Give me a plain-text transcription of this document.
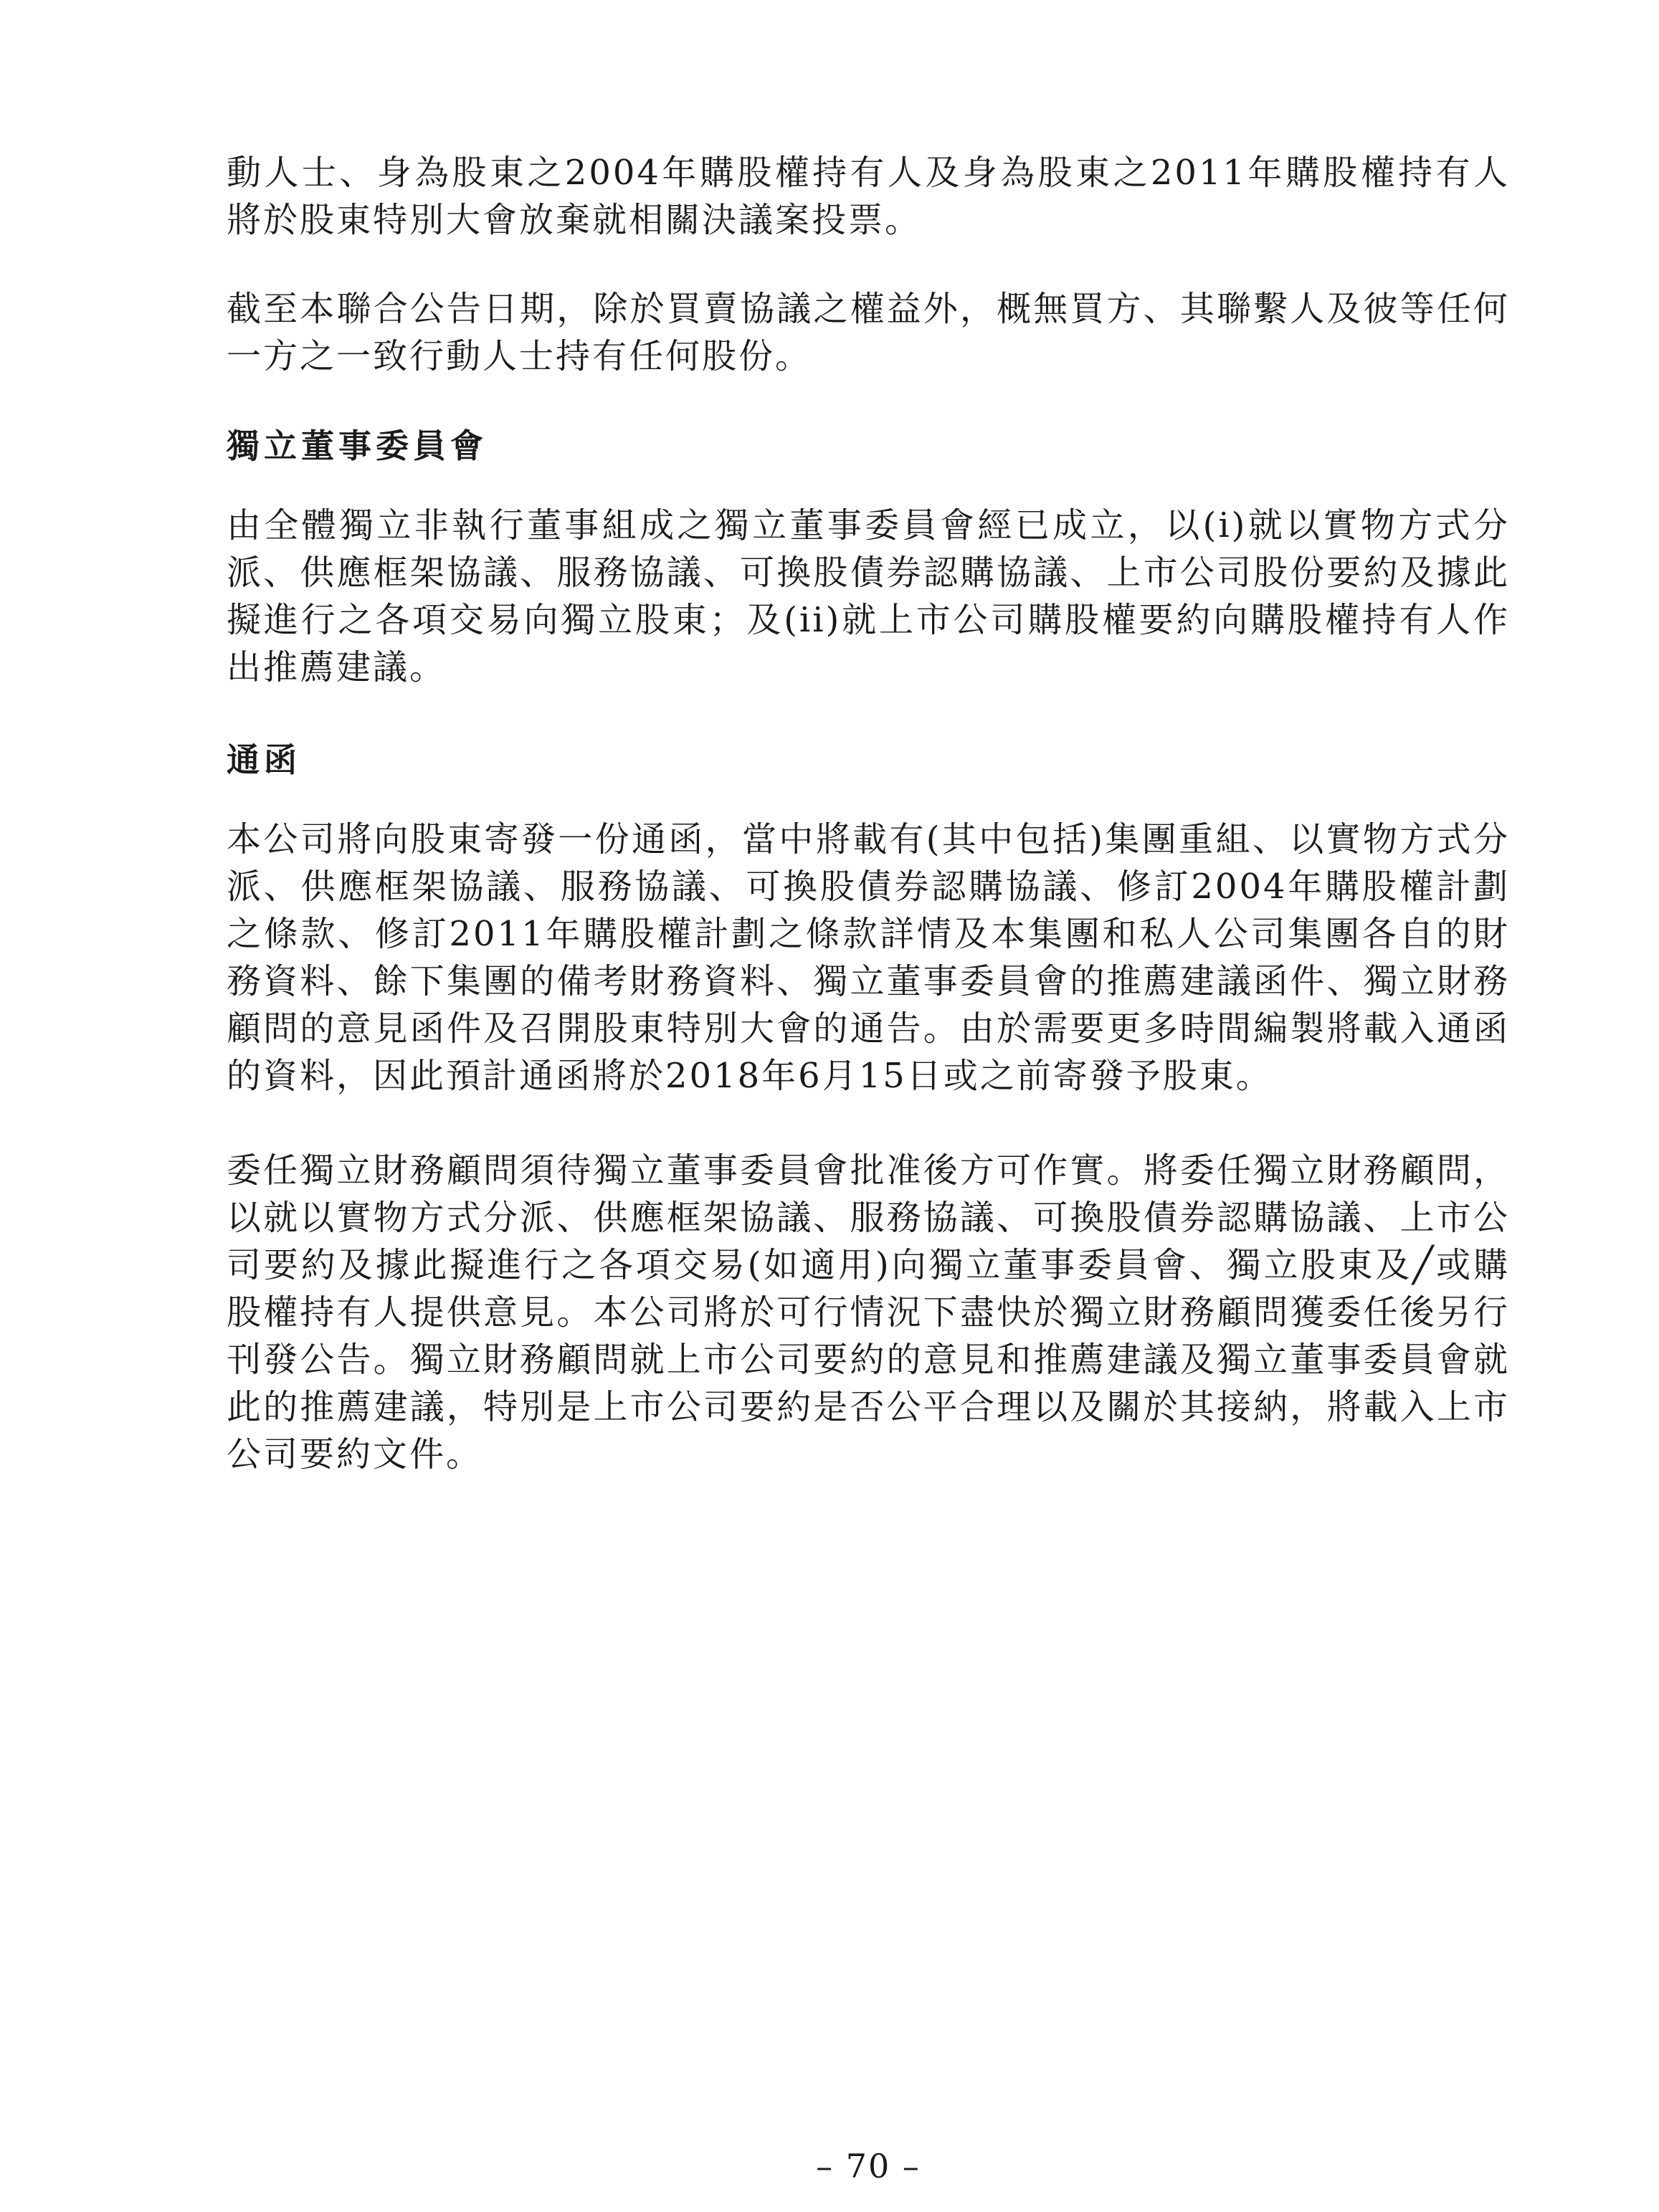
動人士、身為股東之2004年購股權持有人及身為股東之2011年購股權持有人將於股東特別大會放棄就相關決議案投票。

截至本聯合公告日期，除於買賣協議之權益外，概無買方、其聯繫人及彼等任何一方之一致行動人士持有任何股份。

獨立董事委員會

由全體獨立非執行董事組成之獨立董事委員會經已成立，以(i)就以實物方式分派、供應框架協議、服務協議、可換股債券認購協議、上市公司股份要約及據此擬進行之各項交易向獨立股東；及(ii)就上市公司購股權要約向購股權持有人作出推薦建議。

通函

本公司將向股東寄發一份通函，當中將載有(其中包括)集團重組、以實物方式分派、供應框架協議、服務協議、可換股債券認購協議、修訂2004年購股權計劃之條款、修訂2011年購股權計劃之條款詳情及本集團和私人公司集團各自的財務資料、餘下集團的備考財務資料、獨立董事委員會的推薦建議函件、獨立財務顧問的意見函件及召開股東特別大會的通告。由於需要更多時間編製將載入通函的資料，因此預計通函將於2018年6月15日或之前寄發予股東。

委任獨立財務顧問須待獨立董事委員會批准後方可作實。將委任獨立財務顧問，以就以實物方式分派、供應框架協議、服務協議、可換股債券認購協議、上市公司要約及據此擬進行之各項交易(如適用)向獨立董事委員會、獨立股東及╱或購股權持有人提供意見。本公司將於可行情況下盡快於獨立財務顧問獲委任後另行刊發公告。獨立財務顧問就上市公司要約的意見和推薦建議及獨立董事委員會就此的推薦建議，特別是上市公司要約是否公平合理以及關於其接納，將載入上市公司要約文件。

– 70 –
